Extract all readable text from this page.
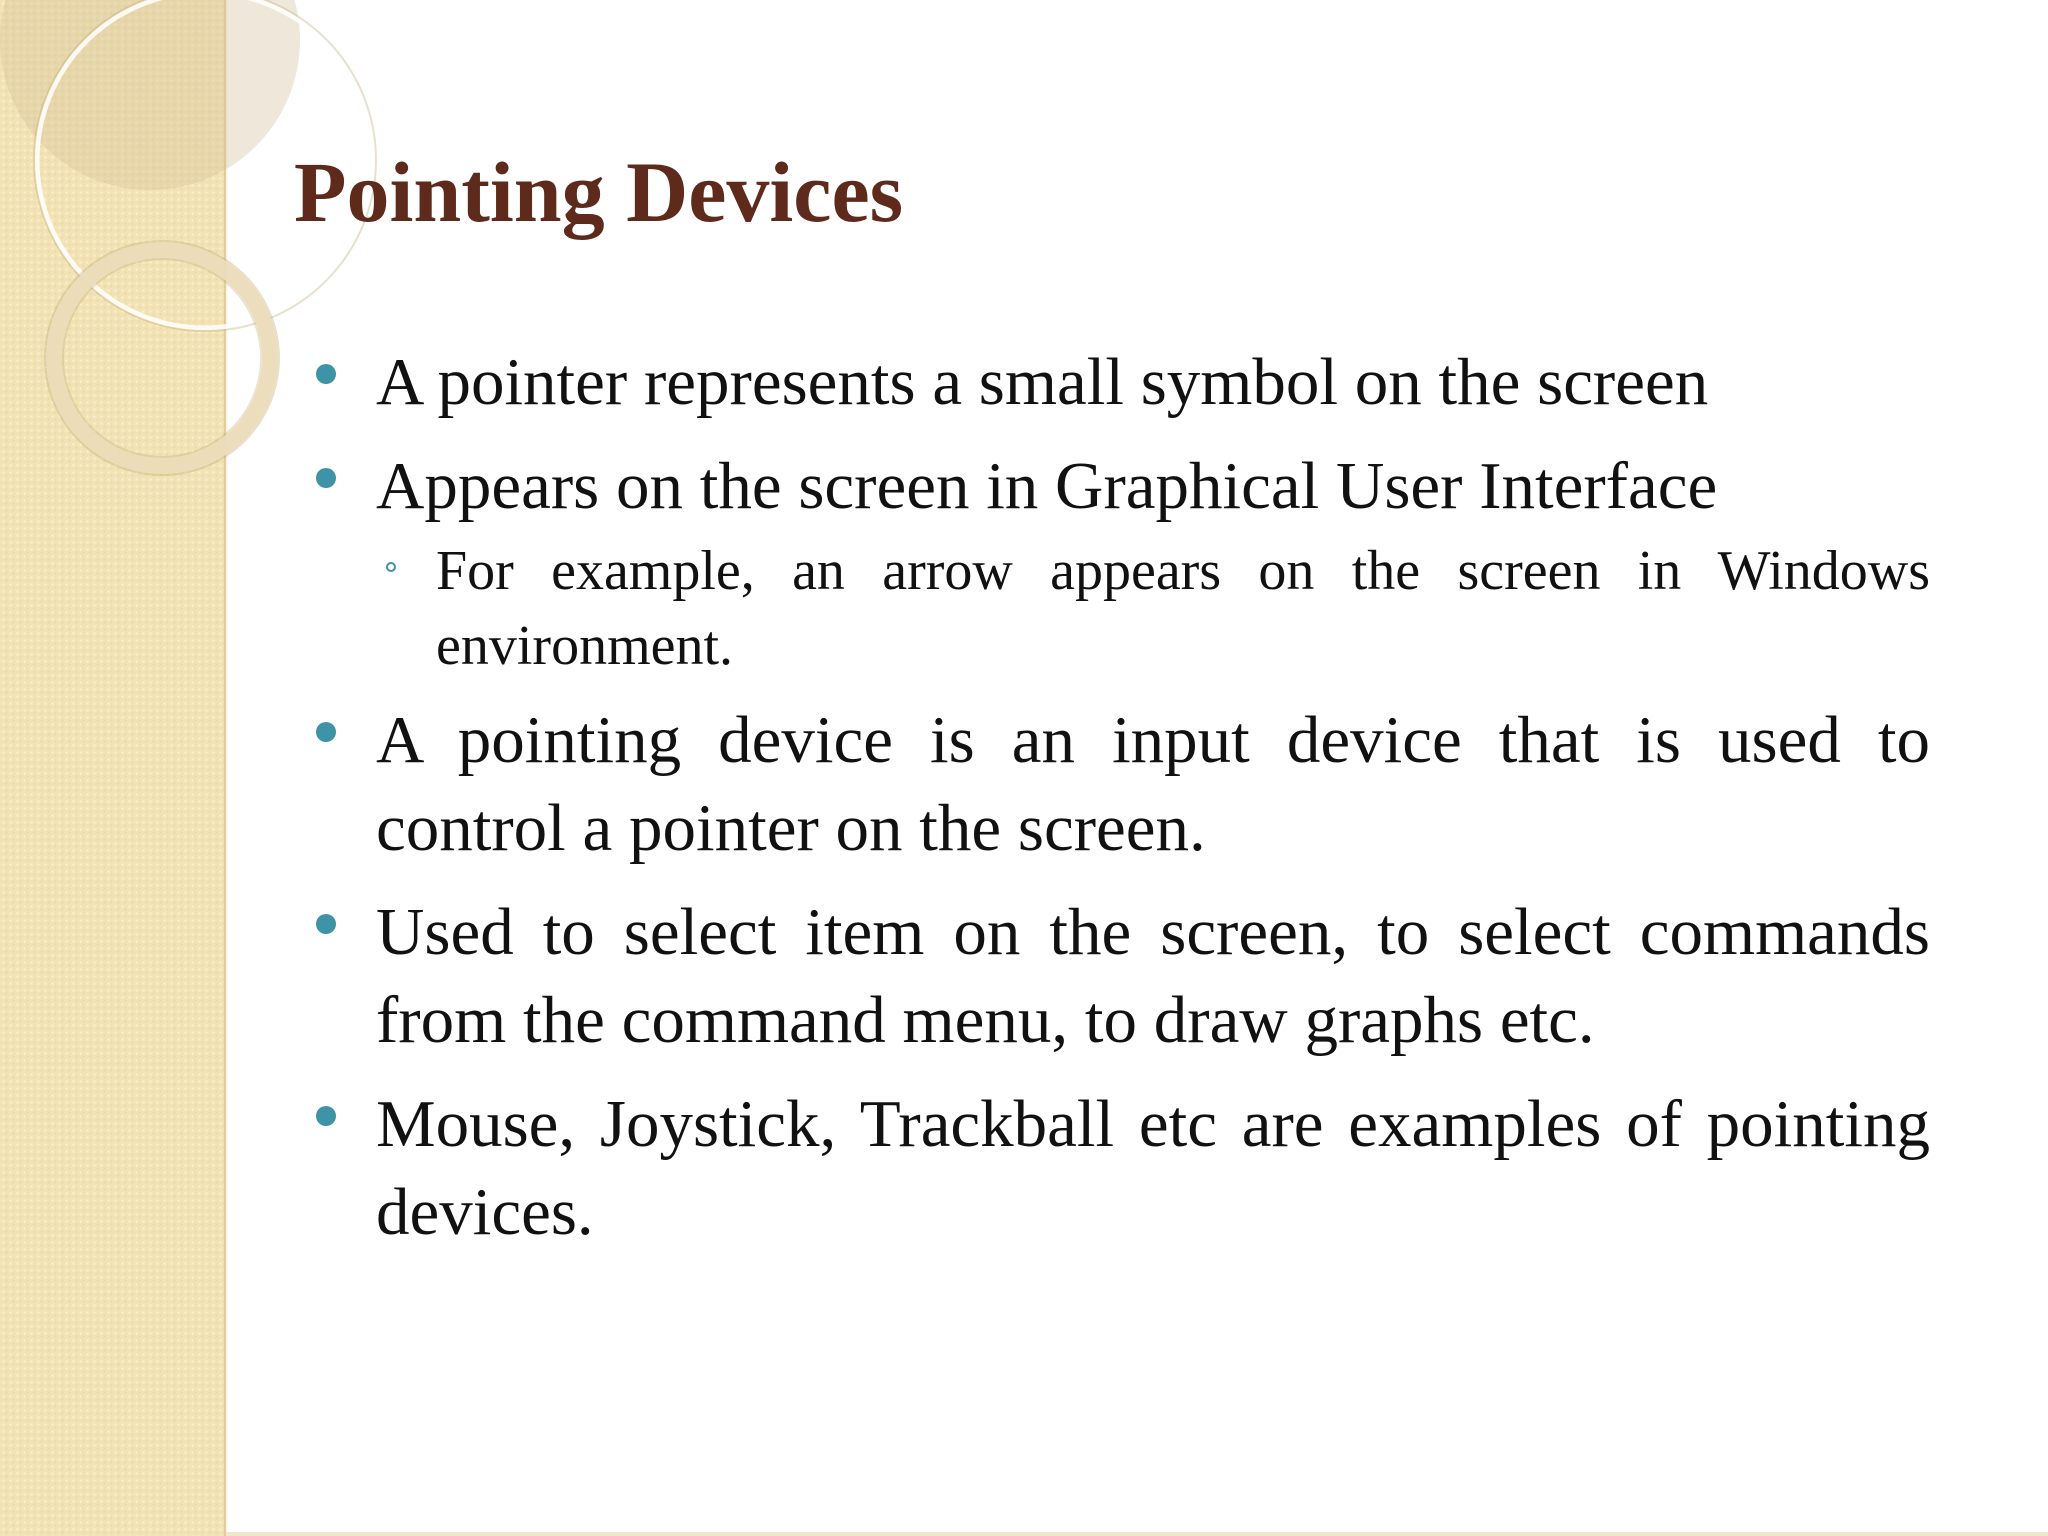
Pointing Devices
A pointer represents a small symbol on the screen
Appears on the screen in Graphical User Interface
For example, an arrow appears on the screen in Windows environment.
A pointing device is an input device that is used to control a pointer on the screen.
Used to select item on the screen, to select commands from the command menu, to draw graphs etc.
Mouse, Joystick, Trackball etc are examples of pointing devices.
